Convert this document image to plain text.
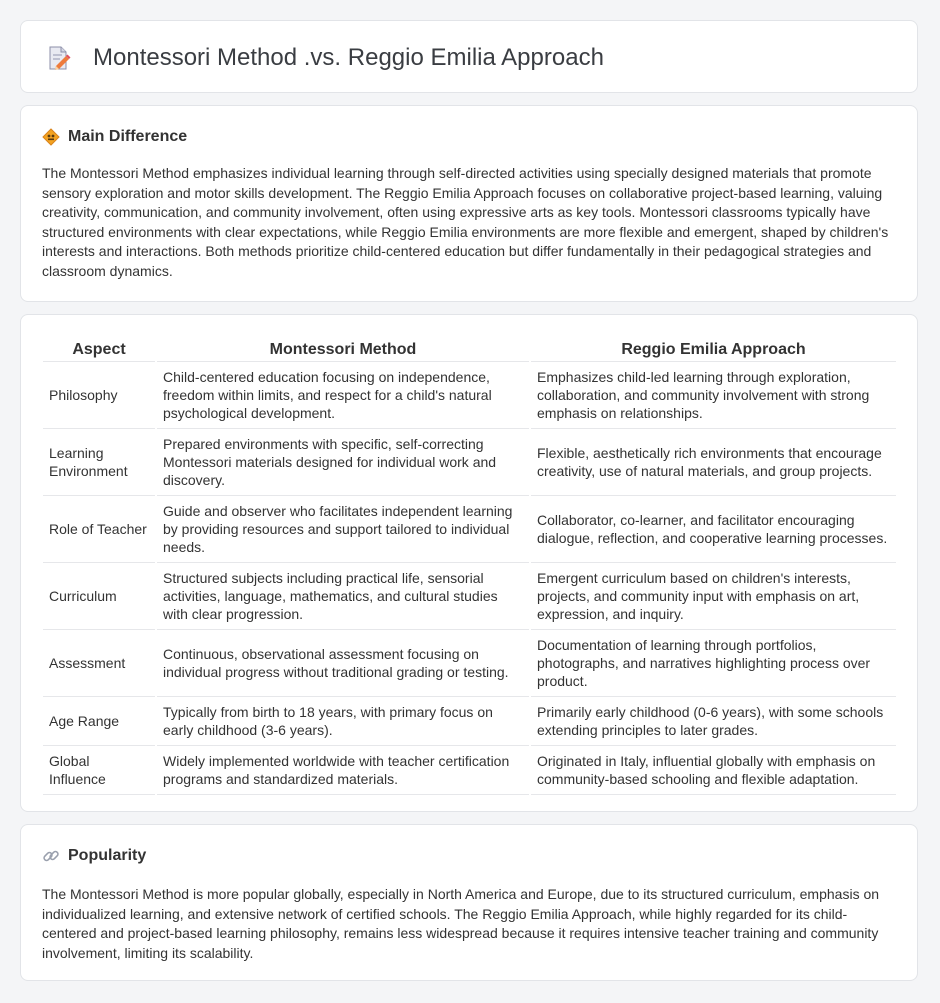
Montessori Method .vs. Reggio Emilia Approach
Main Difference

The Montessori Method emphasizes individual learning through self-directed activities using specially designed materials that promote sensory exploration and motor skills development. The Reggio Emilia Approach focuses on collaborative project-based learning, valuing creativity, communication, and community involvement, often using expressive arts as key tools. Montessori classrooms typically have structured environments with clear expectations, while Reggio Emilia environments are more flexible and emergent, shaped by children's interests and interactions. Both methods prioritize child-centered education but differ fundamentally in their pedagogical strategies and classroom dynamics.

Aspect	Montessori Method	Reggio Emilia Approach
Philosophy	Child-centered education focusing on independence, freedom within limits, and respect for a child's natural psychological development.	Emphasizes child-led learning through exploration, collaboration, and community involvement with strong emphasis on relationships.
Learning Environment	Prepared environments with specific, self-correcting Montessori materials designed for individual work and discovery.	Flexible, aesthetically rich environments that encourage creativity, use of natural materials, and group projects.
Role of Teacher	Guide and observer who facilitates independent learning by providing resources and support tailored to individual needs.	Collaborator, co-learner, and facilitator encouraging dialogue, reflection, and cooperative learning processes.
Curriculum	Structured subjects including practical life, sensorial activities, language, mathematics, and cultural studies with clear progression.	Emergent curriculum based on children's interests, projects, and community input with emphasis on art, expression, and inquiry.
Assessment	Continuous, observational assessment focusing on individual progress without traditional grading or testing.	Documentation of learning through portfolios, photographs, and narratives highlighting process over product.
Age Range	Typically from birth to 18 years, with primary focus on early childhood (3-6 years).	Primarily early childhood (0-6 years), with some schools extending principles to later grades.
Global Influence	Widely implemented worldwide with teacher certification programs and standardized materials.	Originated in Italy, influential globally with emphasis on community-based schooling and flexible adaptation.
Popularity

The Montessori Method is more popular globally, especially in North America and Europe, due to its structured curriculum, emphasis on individualized learning, and extensive network of certified schools. The Reggio Emilia Approach, while highly regarded for its child-centered and project-based learning philosophy, remains less widespread because it requires intensive teacher training and community involvement, limiting its scalability.
